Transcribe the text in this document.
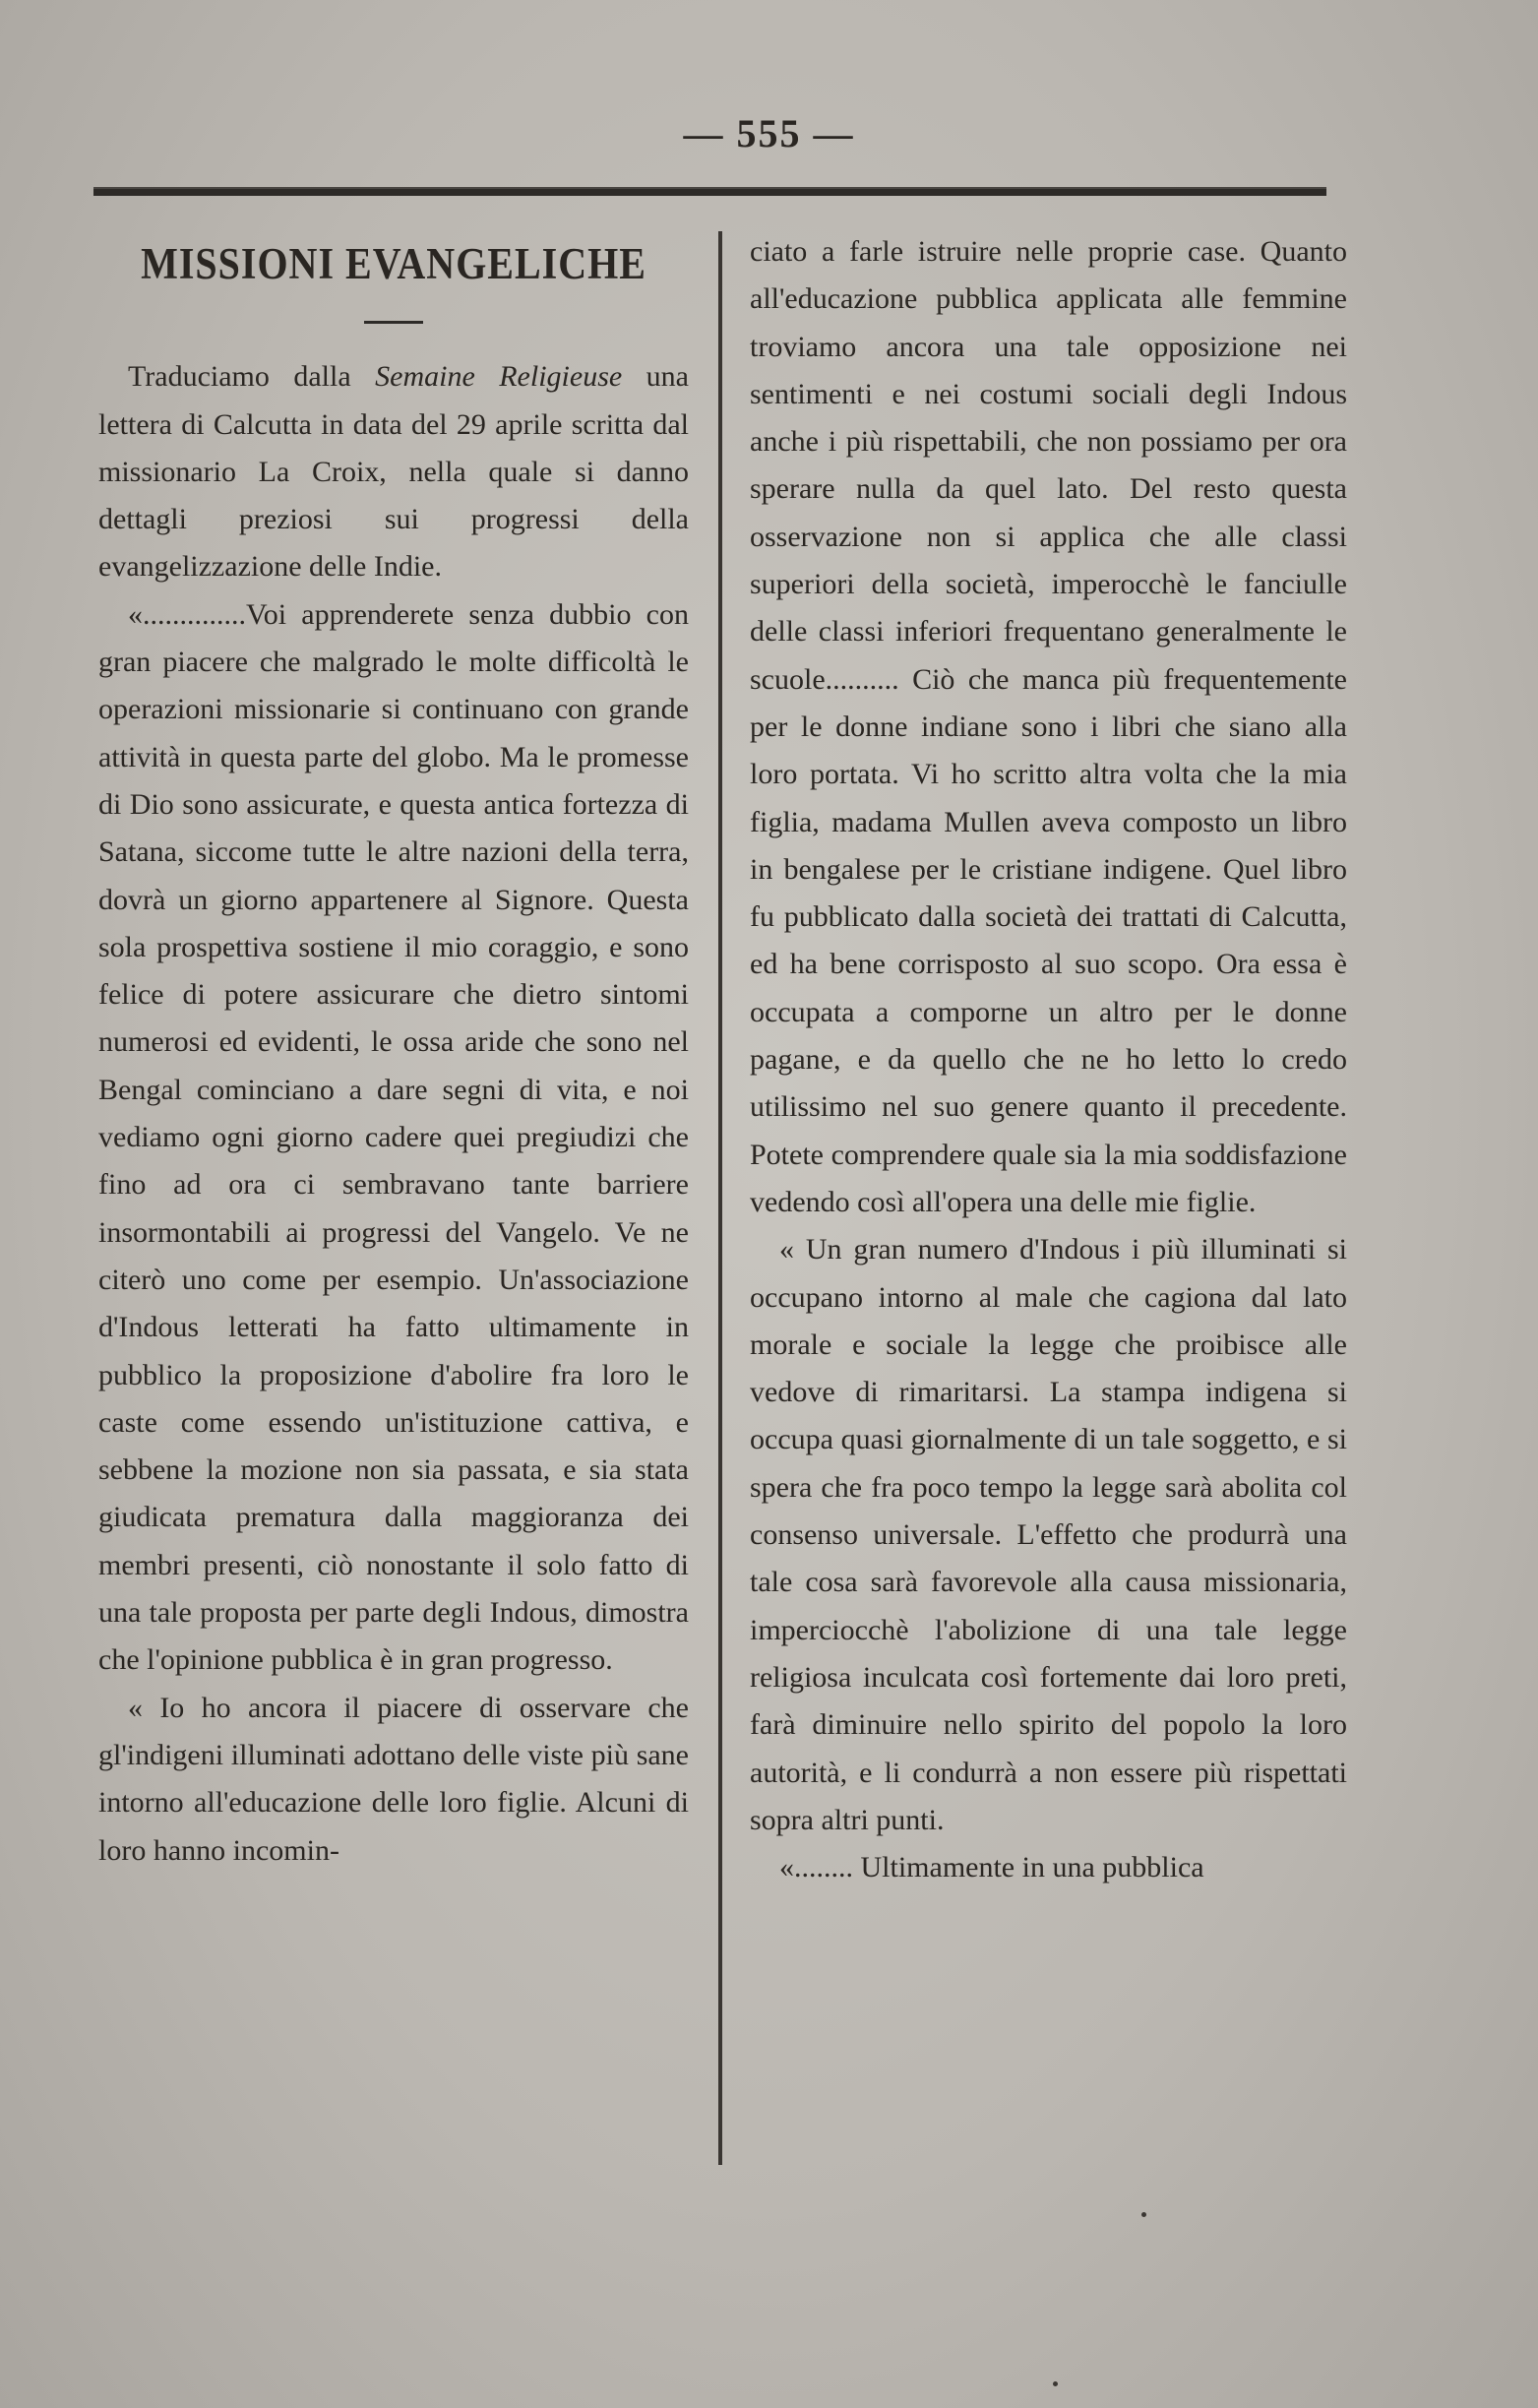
— 555 —
MISSIONI EVANGELICHE

Traduciamo dalla Semaine Religieuse una lettera di Calcutta in data del 29 aprile scritta dal missionario La Croix, nella quale si danno dettagli preziosi sui progressi della evangelizzazione delle Indie.

«..............Voi apprenderete senza dubbio con gran piacere che malgrado le molte difficoltà le operazioni missionarie si continuano con grande attività in questa parte del globo. Ma le promesse di Dio sono assicurate, e questa antica fortezza di Satana, siccome tutte le altre nazioni della terra, dovrà un giorno appartenere al Signore. Questa sola prospettiva sostiene il mio coraggio, e sono felice di potere assicurare che dietro sintomi numerosi ed evidenti, le ossa aride che sono nel Bengal cominciano a dare segni di vita, e noi vediamo ogni giorno cadere quei pregiudizi che fino ad ora ci sembravano tante barriere insormontabili ai progressi del Vangelo. Ve ne citerò uno come per esempio. Un'associazione d'Indous letterati ha fatto ultimamente in pubblico la proposizione d'abolire fra loro le caste come essendo un'istituzione cattiva, e sebbene la mozione non sia passata, e sia stata giudicata prematura dalla maggioranza dei membri presenti, ciò nonostante il solo fatto di una tale proposta per parte degli Indous, dimostra che l'opinione pubblica è in gran progresso.

« Io ho ancora il piacere di osservare che gl'indigeni illuminati adottano delle viste più sane intorno all'educazione delle loro figlie. Alcuni di loro hanno incomin-

ciato a farle istruire nelle proprie case. Quanto all'educazione pubblica applicata alle femmine troviamo ancora una tale opposizione nei sentimenti e nei costumi sociali degli Indous anche i più rispettabili, che non possiamo per ora sperare nulla da quel lato. Del resto questa osservazione non si applica che alle classi superiori della società, imperocchè le fanciulle delle classi inferiori frequentano generalmente le scuole.......... Ciò che manca più frequentemente per le donne indiane sono i libri che siano alla loro portata. Vi ho scritto altra volta che la mia figlia, madama Mullen aveva composto un libro in bengalese per le cristiane indigene. Quel libro fu pubblicato dalla società dei trattati di Calcutta, ed ha bene corrisposto al suo scopo. Ora essa è occupata a comporne un altro per le donne pagane, e da quello che ne ho letto lo credo utilissimo nel suo genere quanto il precedente. Potete comprendere quale sia la mia soddisfazione vedendo così all'opera una delle mie figlie.

« Un gran numero d'Indous i più illuminati si occupano intorno al male che cagiona dal lato morale e sociale la legge che proibisce alle vedove di rimaritarsi. La stampa indigena si occupa quasi giornalmente di un tale soggetto, e si spera che fra poco tempo la legge sarà abolita col consenso universale. L'effetto che produrrà una tale cosa sarà favorevole alla causa missionaria, imperciocchè l'abolizione di una tale legge religiosa inculcata così fortemente dai loro preti, farà diminuire nello spirito del popolo la loro autorità, e li condurrà a non essere più rispettati sopra altri punti.

«........ Ultimamente in una pubblica
